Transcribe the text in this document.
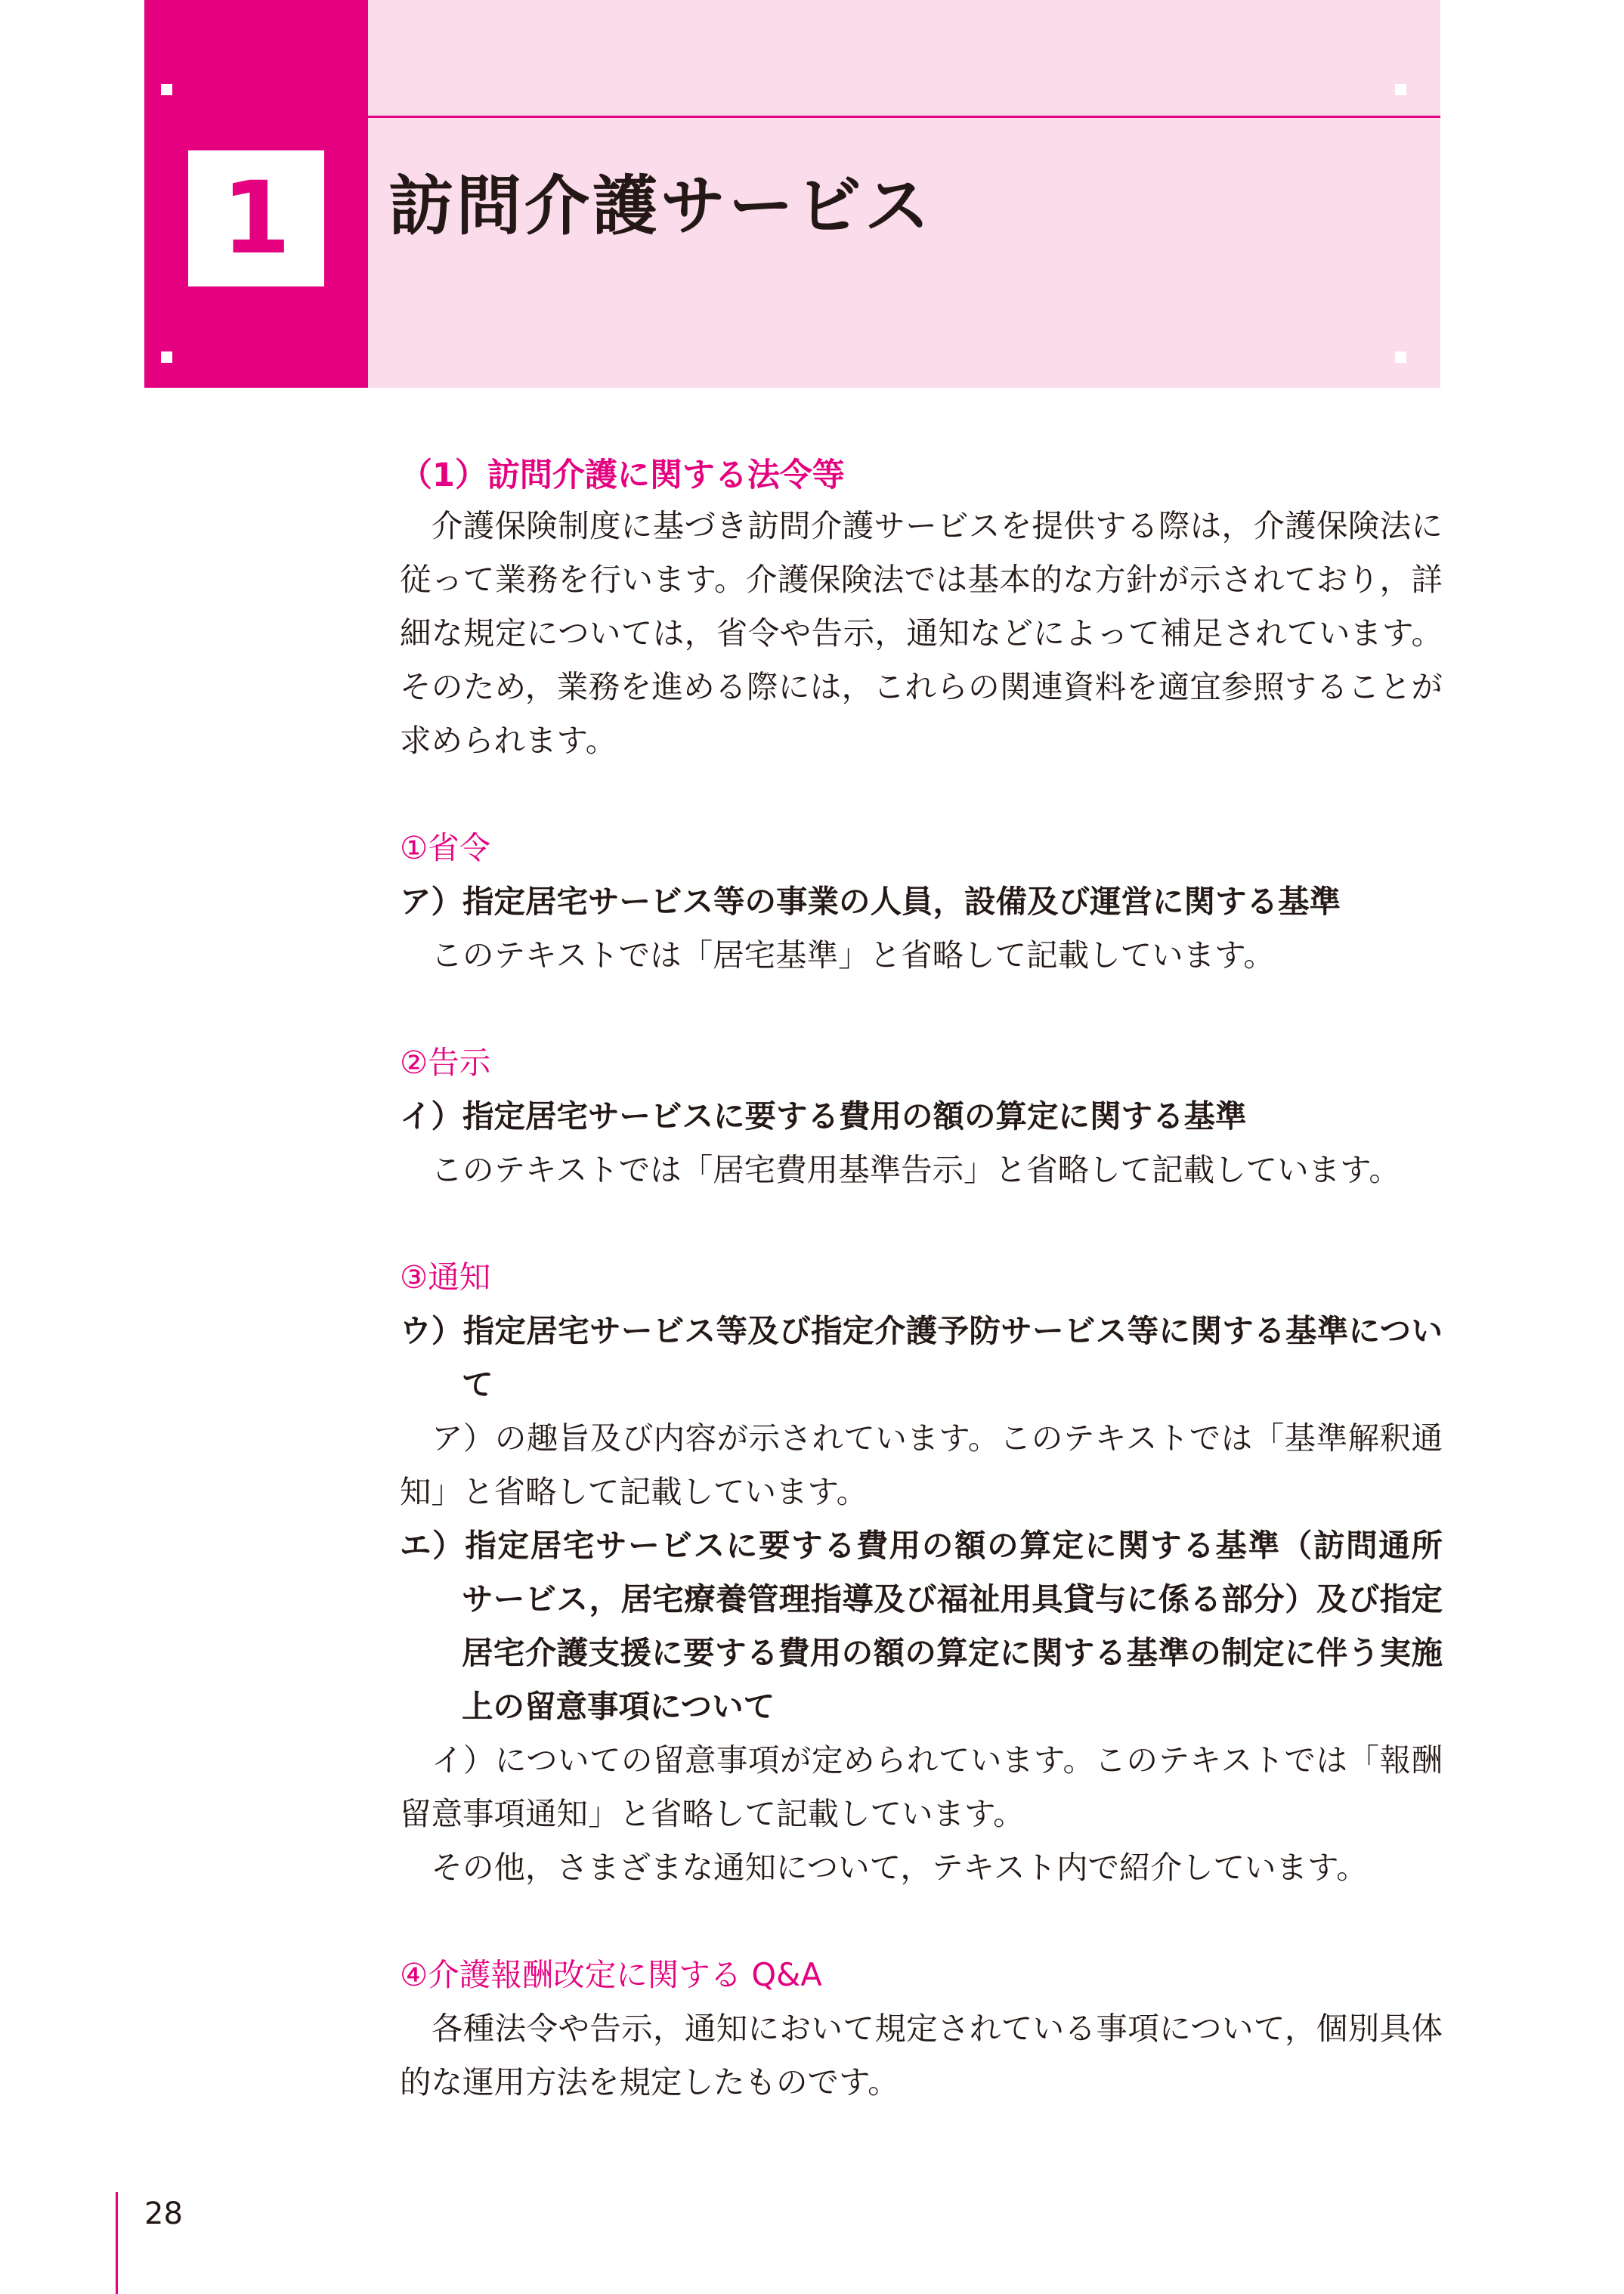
1 訪問介護サービス
（1）訪問介護に関する法令等
　介護保険制度に基づき訪問介護サービスを提供する際は，介護保険法に
従って業務を行います。介護保険法では基本的な方針が示されており，詳
細な規定については，省令や告示，通知などによって補足されています。
そのため，業務を進める際には，これらの関連資料を適宜参照することが
求められます。
①省令
ア）指定居宅サービス等の事業の人員，設備及び運営に関する基準
　このテキストでは「居宅基準」と省略して記載しています。
②告示
イ）指定居宅サービスに要する費用の額の算定に関する基準
　このテキストでは「居宅費用基準告示」と省略して記載しています。
③通知
ウ）指定居宅サービス等及び指定介護予防サービス等に関する基準につい
て
　ア）の趣旨及び内容が示されています。このテキストでは「基準解釈通
知」と省略して記載しています。
エ）指定居宅サービスに要する費用の額の算定に関する基準（訪問通所
サービス，居宅療養管理指導及び福祉用具貸与に係る部分）及び指定
居宅介護支援に要する費用の額の算定に関する基準の制定に伴う実施
上の留意事項について
　イ）についての留意事項が定められています。このテキストでは「報酬
留意事項通知」と省略して記載しています。
　その他，さまざまな通知について，テキスト内で紹介しています。
④介護報酬改定に関する Q&A
　各種法令や告示，通知において規定されている事項について，個別具体
的な運用方法を規定したものです。
28
